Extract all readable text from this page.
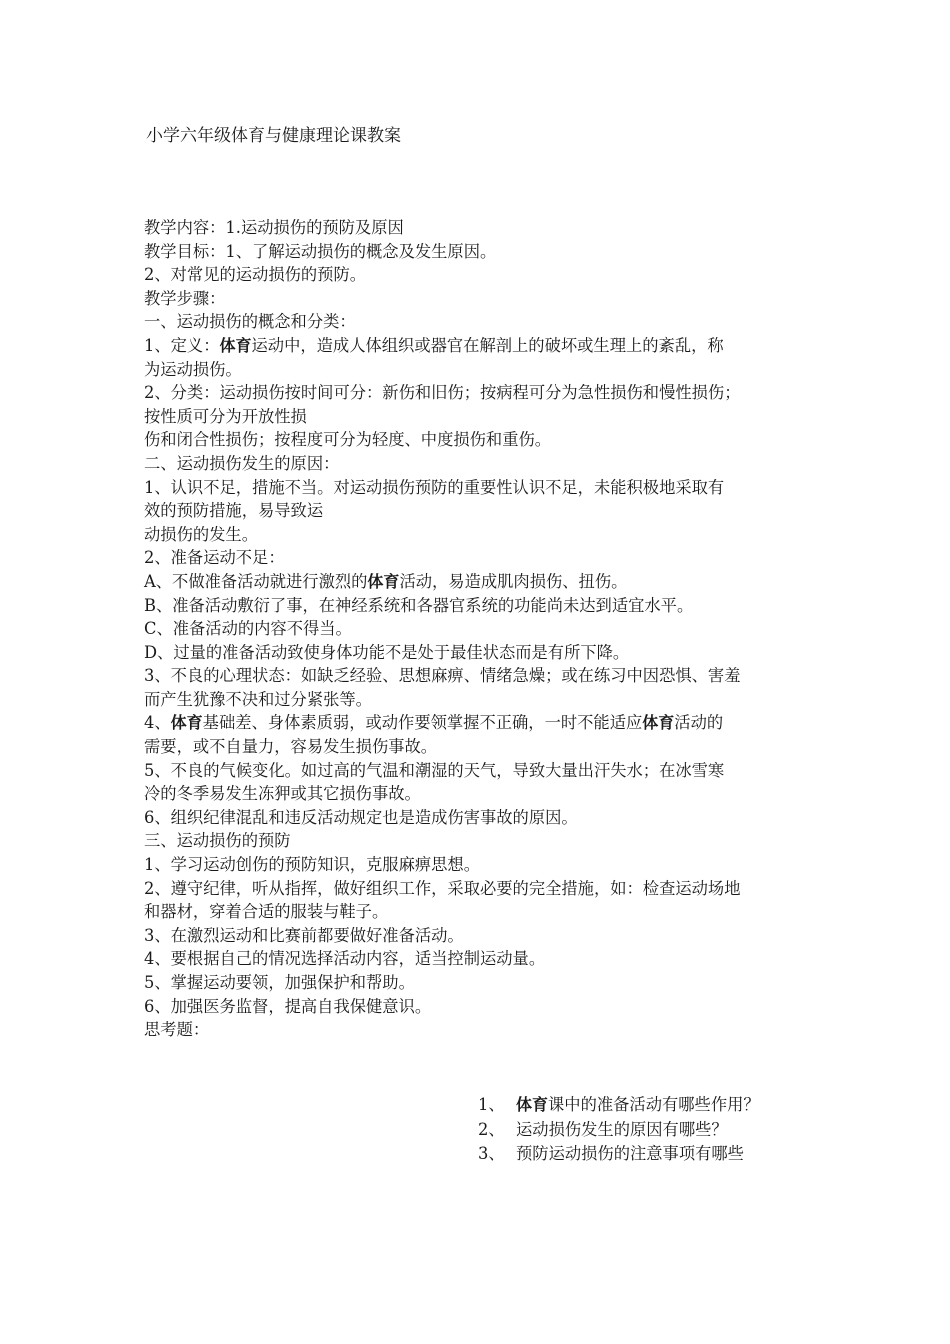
小学六年级体育与健康理论课教案
教学内容：1.运动损伤的预防及原因
教学目标：1、了解运动损伤的概念及发生原因。
2、对常见的运动损伤的预防。
教学步骤：
一、运动损伤的概念和分类：
1、定义：体育运动中，造成人体组织或器官在解剖上的破坏或生理上的紊乱，称
为运动损伤。
2、分类：运动损伤按时间可分：新伤和旧伤；按病程可分为急性损伤和慢性损伤；
按性质可分为开放性损
伤和闭合性损伤；按程度可分为轻度、中度损伤和重伤。
二、运动损伤发生的原因：
1、认识不足，措施不当。对运动损伤预防的重要性认识不足，未能积极地采取有
效的预防措施，易导致运
动损伤的发生。
2、准备运动不足：
A、不做准备活动就进行激烈的体育活动，易造成肌肉损伤、扭伤。
B、准备活动敷衍了事，在神经系统和各器官系统的功能尚未达到适宜水平。
C、准备活动的内容不得当。
D、过量的准备活动致使身体功能不是处于最佳状态而是有所下降。
3、不良的心理状态：如缺乏经验、思想麻痹、情绪急燥；或在练习中因恐惧、害羞
而产生犹豫不决和过分紧张等。
4、体育基础差、身体素质弱，或动作要领掌握不正确，一时不能适应体育活动的
需要，或不自量力，容易发生损伤事故。
5、不良的气候变化。如过高的气温和潮湿的天气，导致大量出汗失水；在冰雪寒
冷的冬季易发生冻狎或其它损伤事故。
6、组织纪律混乱和违反活动规定也是造成伤害事故的原因。
三、运动损伤的预防
1、学习运动创伤的预防知识，克服麻痹思想。
2、遵守纪律，听从指挥，做好组织工作，采取必要的完全措施，如：检查运动场地
和器材，穿着合适的服装与鞋子。
3、在激烈运动和比赛前都要做好准备活动。
4、要根据自己的情况选择活动内容，适当控制运动量。
5、掌握运动要领，加强保护和帮助。
6、加强医务监督，提高自我保健意识。
思考题：
1、 体育课中的准备活动有哪些作用？
2、 运动损伤发生的原因有哪些？
3、 预防运动损伤的注意事项有哪些
